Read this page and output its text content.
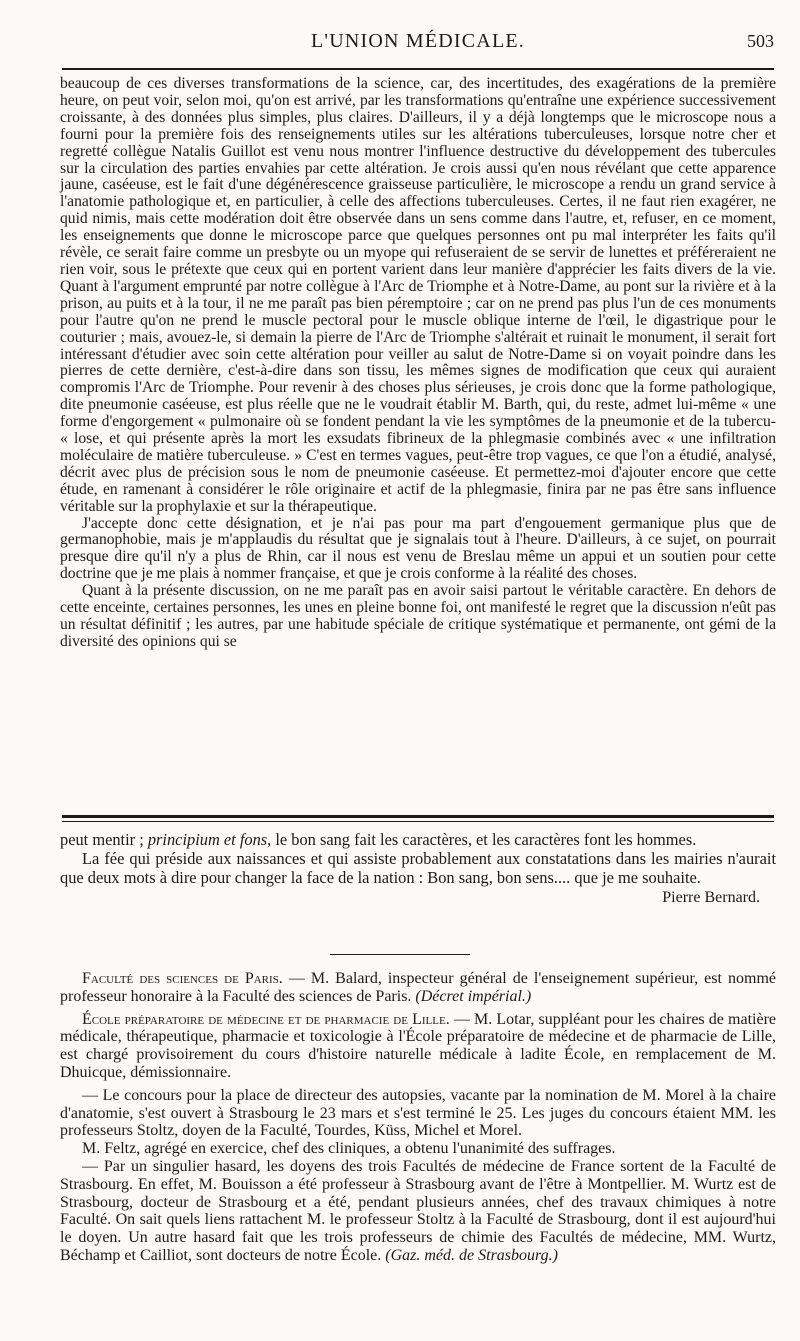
L'UNION MÉDICALE.	503

beaucoup de ces diverses transformations de la science, car, des incertitudes, des exagérations de la première heure, on peut voir, selon moi, qu'on est arrivé, par les transformations qu'entraîne une expérience successivement croissante, à des données plus simples, plus claires. D'ailleurs, il y a déjà longtemps que le microscope nous a fourni pour la première fois des renseignements utiles sur les altérations tuberculeuses, lorsque notre cher et regretté collègue Natalis Guillot est venu nous montrer l'influence destructive du développement des tubercules sur la circulation des parties envahies par cette altération. Je crois aussi qu'en nous révélant que cette apparence jaune, caséeuse, est le fait d'une dégénérescence graisseuse particulière, le microscope a rendu un grand service à l'anatomie pathologique et, en particulier, à celle des affections tuberculeuses. Certes, il ne faut rien exagérer, ne quid nimis, mais cette modération doit être observée dans un sens comme dans l'autre, et, refuser, en ce moment, les enseignements que donne le microscope parce que quelques personnes ont pu mal interpréter les faits qu'il révèle, ce serait faire comme un presbyte ou un myope qui refuseraient de se servir de lunettes et préféreraient ne rien voir, sous le prétexte que ceux qui en portent varient dans leur manière d'apprécier les faits divers de la vie. Quant à l'argument emprunté par notre collègue à l'Arc de Triomphe et à Notre-Dame, au pont sur la rivière et à la prison, au puits et à la tour, il ne me paraît pas bien péremptoire ; car on ne prend pas plus l'un de ces monuments pour l'autre qu'on ne prend le muscle pectoral pour le muscle oblique interne de l'œil, le digastrique pour le couturier ; mais, avouez-le, si demain la pierre de l'Arc de Triomphe s'altérait et ruinait le monument, il serait fort intéressant d'étudier avec soin cette altération pour veiller au salut de Notre-Dame si on voyait poindre dans les pierres de cette dernière, c'est-à-dire dans son tissu, les mêmes signes de modification que ceux qui auraient compromis l'Arc de Triomphe. Pour revenir à des choses plus sérieuses, je crois donc que la forme pathologique, dite pneumonie caséeuse, est plus réelle que ne le voudrait établir M. Barth, qui, du reste, admet lui-même « une forme d'engorgement « pulmonaire où se fondent pendant la vie les symptômes de la pneumonie et de la tubercu- « lose, et qui présente après la mort les exsudats fibrineux de la phlegmasie combinés avec « une infiltration moléculaire de matière tuberculeuse. » C'est en termes vagues, peut-être trop vagues, ce que l'on a étudié, analysé, décrit avec plus de précision sous le nom de pneumonie caséeuse. Et permettez-moi d'ajouter encore que cette étude, en ramenant à considérer le rôle originaire et actif de la phlegmasie, finira par ne pas être sans influence véritable sur la prophylaxie et sur la thérapeutique.

J'accepte donc cette désignation, et je n'ai pas pour ma part d'engouement germanique plus que de germanophobie, mais je m'applaudis du résultat que je signalais tout à l'heure. D'ailleurs, à ce sujet, on pourrait presque dire qu'il n'y a plus de Rhin, car il nous est venu de Breslau même un appui et un soutien pour cette doctrine que je me plais à nommer française, et que je crois conforme à la réalité des choses.

Quant à la présente discussion, on ne me paraît pas en avoir saisi partout le véritable caractère. En dehors de cette enceinte, certaines personnes, les unes en pleine bonne foi, ont manifesté le regret que la discussion n'eût pas un résultat définitif ; les autres, par une habitude spéciale de critique systématique et permanente, ont gémi de la diversité des opinions qui se

peut mentir ; principium et fons, le bon sang fait les caractères, et les caractères font les hommes.

La fée qui préside aux naissances et qui assiste probablement aux constatations dans les mairies n'aurait que deux mots à dire pour changer la face de la nation : Bon sang, bon sens.... que je me souhaite.

Pierre Bernard.

Faculté des sciences de Paris. — M. Balard, inspecteur général de l'enseignement supérieur, est nommé professeur honoraire à la Faculté des sciences de Paris. (Décret impérial.)

École préparatoire de médecine et de pharmacie de Lille. — M. Lotar, suppléant pour les chaires de matière médicale, thérapeutique, pharmacie et toxicologie à l'École préparatoire de médecine et de pharmacie de Lille, est chargé provisoirement du cours d'histoire naturelle médicale à ladite École, en remplacement de M. Dhuicque, démissionnaire.

— Le concours pour la place de directeur des autopsies, vacante par la nomination de M. Morel à la chaire d'anatomie, s'est ouvert à Strasbourg le 23 mars et s'est terminé le 25. Les juges du concours étaient MM. les professeurs Stoltz, doyen de la Faculté, Tourdes, Küss, Michel et Morel.

M. Feltz, agrégé en exercice, chef des cliniques, a obtenu l'unanimité des suffrages.

— Par un singulier hasard, les doyens des trois Facultés de médecine de France sortent de la Faculté de Strasbourg. En effet, M. Bouisson a été professeur à Strasbourg avant de l'être à Montpellier. M. Wurtz est de Strasbourg, docteur de Strasbourg et a été, pendant plusieurs années, chef des travaux chimiques à notre Faculté. On sait quels liens rattachent M. le professeur Stoltz à la Faculté de Strasbourg, dont il est aujourd'hui le doyen. Un autre hasard fait que les trois professeurs de chimie des Facultés de médecine, MM. Wurtz, Béchamp et Cailliot, sont docteurs de notre École. (Gaz. méd. de Strasbourg.)
